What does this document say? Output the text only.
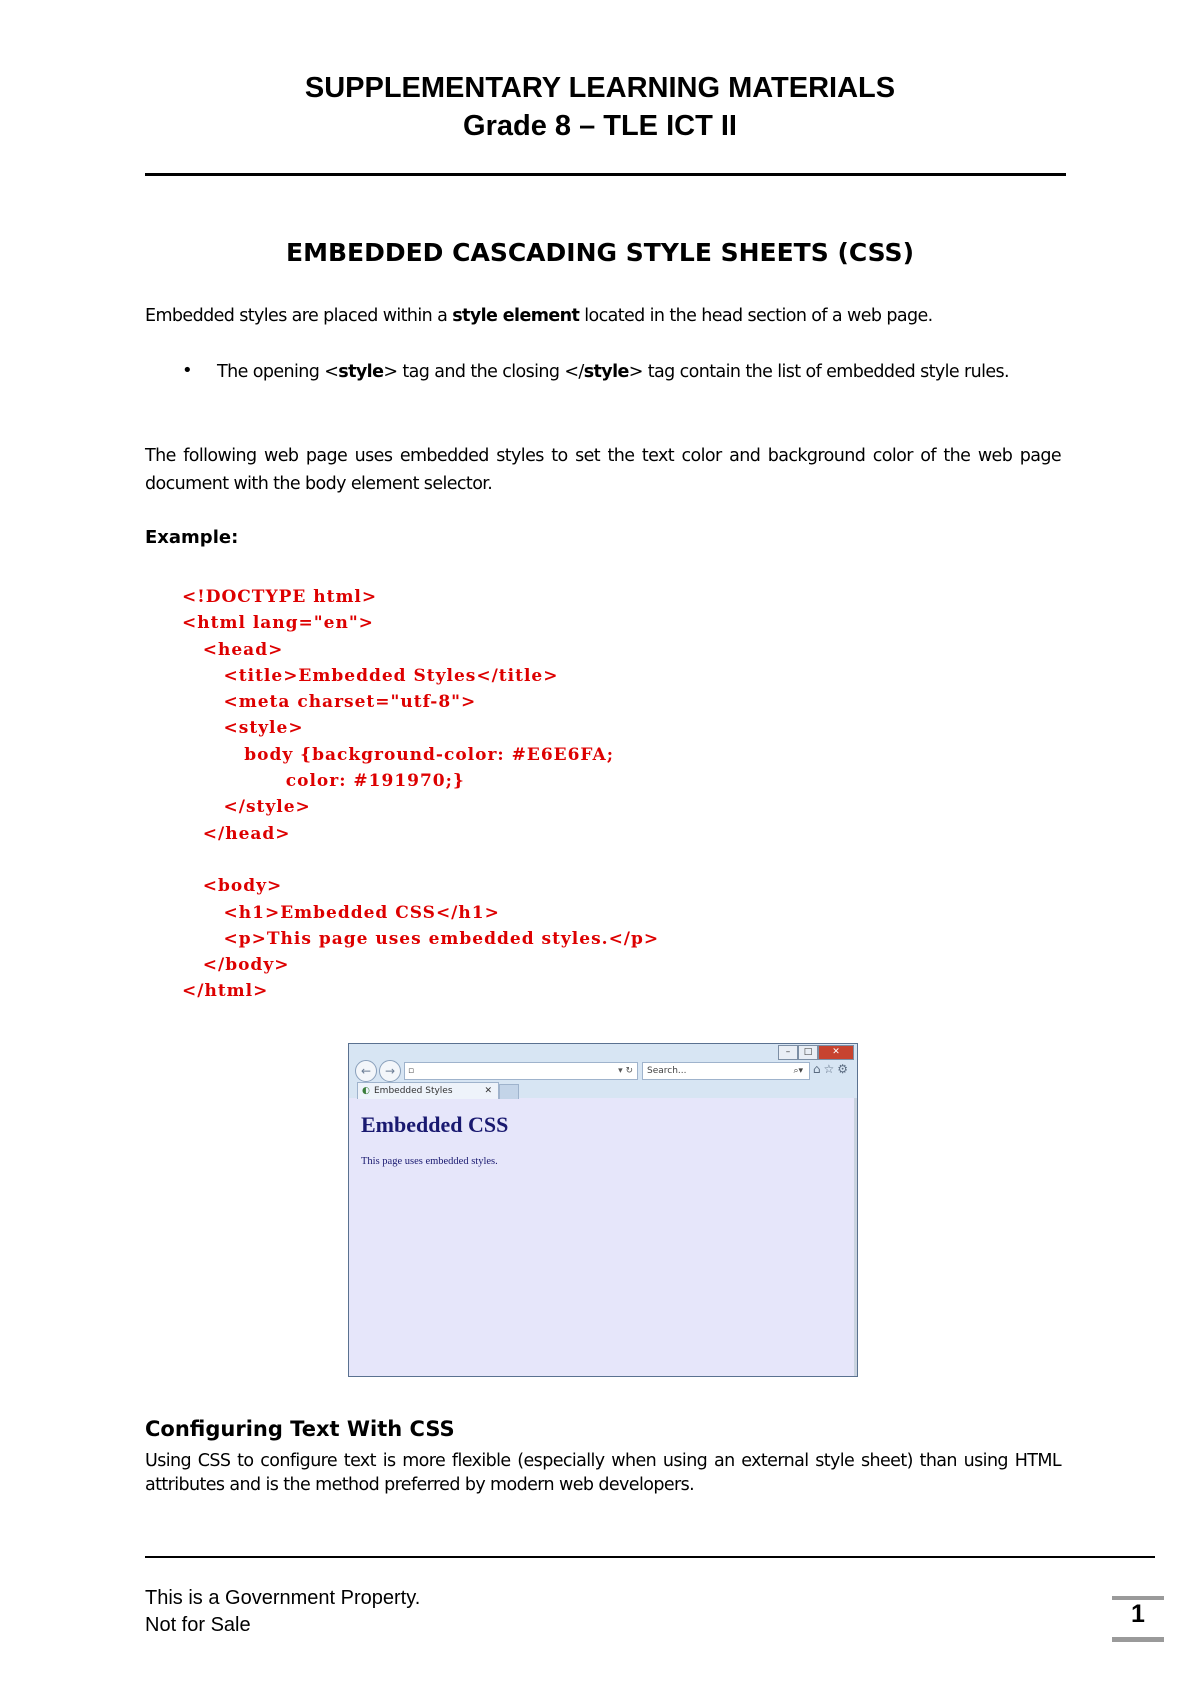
SUPPLEMENTARY LEARNING MATERIALS
Grade 8 – TLE ICT II
EMBEDDED CASCADING STYLE SHEETS (CSS)
Embedded styles are placed within a style element located in the head section of a web page.
• The opening <style> tag and the closing </style> tag contain the list of embedded style rules.
The following web page uses embedded styles to set the text color and background color of the web page document with the body element selector.
Example:
<!DOCTYPE html>
<html lang="en">
<head>
<title>Embedded Styles</title>
<meta charset="utf-8">
<style>
body {background-color: #E6E6FA;
color: #191970;}
</style>
</head>
<body>
<h1>Embedded CSS</h1>
<p>This page uses embedded styles.</p>
</body>
</html>
–	□	✕
←	→	▫	▾ ↻ Search...	⌕▾ ⌂☆⚙
◐ Embedded Styles	✕
Embedded CSS
This page uses embedded styles.
Configuring Text With CSS
Using CSS to configure text is more flexible (especially when using an external style sheet) than using HTML attributes and is the method preferred by modern web developers.
This is a Government Property.
Not for Sale	1
